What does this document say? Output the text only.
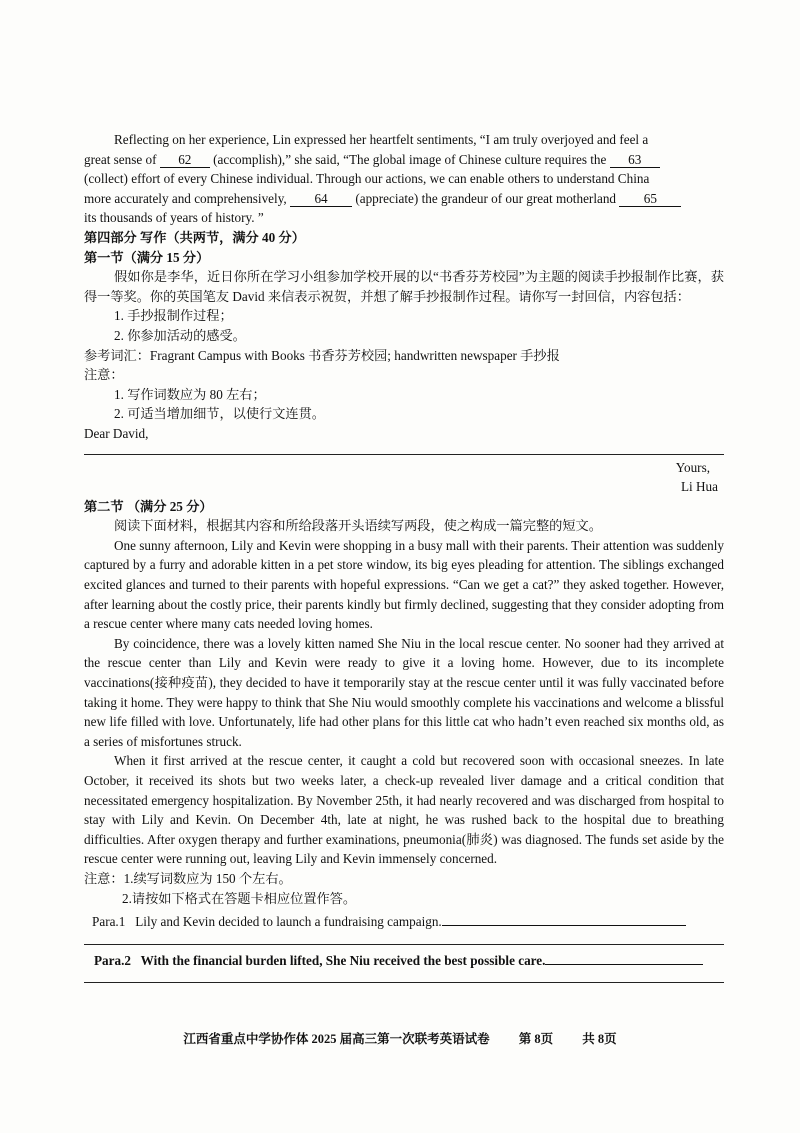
Reflecting on her experience, Lin expressed her heartfelt sentiments, “I am truly overjoyed and feel a

great sense of 62 (accomplish),” she said, “The global image of Chinese culture requires the 63

(collect) effort of every Chinese individual. Through our actions, we can enable others to understand China

more accurately and comprehensively, 64 (appreciate) the grandeur of our great motherland 65

its thousands of years of history. ”

第四部分 写作（共两节，满分 40 分）

第一节（满分 15 分）

假如你是李华，近日你所在学习小组参加学校开展的以“书香芬芳校园”为主题的阅读手抄报制作比赛，获得一等奖。你的英国笔友 David 来信表示祝贺，并想了解手抄报制作过程。请你写一封回信，内容包括：

1. 手抄报制作过程；

2. 你参加活动的感受。

参考词汇：Fragrant Campus with Books 书香芬芳校园; handwritten newspaper 手抄报

注意：

1. 写作词数应为 80 左右；

2. 可适当增加细节，以使行文连贯。

Dear David,

Yours,

Li Hua

第二节 （满分 25 分）

阅读下面材料，根据其内容和所给段落开头语续写两段，使之构成一篇完整的短文。

One sunny afternoon, Lily and Kevin were shopping in a busy mall with their parents. Their attention was suddenly captured by a furry and adorable kitten in a pet store window, its big eyes pleading for attention. The siblings exchanged excited glances and turned to their parents with hopeful expressions. “Can we get a cat?” they asked together. However, after learning about the costly price, their parents kindly but firmly declined, suggesting that they consider adopting from a rescue center where many cats needed loving homes.

By coincidence, there was a lovely kitten named She Niu in the local rescue center. No sooner had they arrived at the rescue center than Lily and Kevin were ready to give it a loving home. However, due to its incomplete vaccinations(接种疫苗), they decided to have it temporarily stay at the rescue center until it was fully vaccinated before taking it home. They were happy to think that She Niu would smoothly complete his vaccinations and welcome a blissful new life filled with love. Unfortunately, life had other plans for this little cat who hadn’t even reached six months old, as a series of misfortunes struck.

When it first arrived at the rescue center, it caught a cold but recovered soon with occasional sneezes. In late October, it received its shots but two weeks later, a check-up revealed liver damage and a critical condition that necessitated emergency hospitalization. By November 25th, it had nearly recovered and was discharged from hospital to stay with Lily and Kevin. On December 4th, late at night, he was rushed back to the hospital due to breathing difficulties. After oxygen therapy and further examinations, pneumonia(肺炎) was diagnosed. The funds set aside by the rescue center were running out, leaving Lily and Kevin immensely concerned.

注意：1.续写词数应为 150 个左右。

2.请按如下格式在答题卡相应位置作答。

Para.1 Lily and Kevin decided to launch a fundraising campaign.

Para.2 With the financial burden lifted, She Niu received the best possible care.

江西省重点中学协作体 2025 届高三第一次联考英语试卷 第 8页 共 8页
